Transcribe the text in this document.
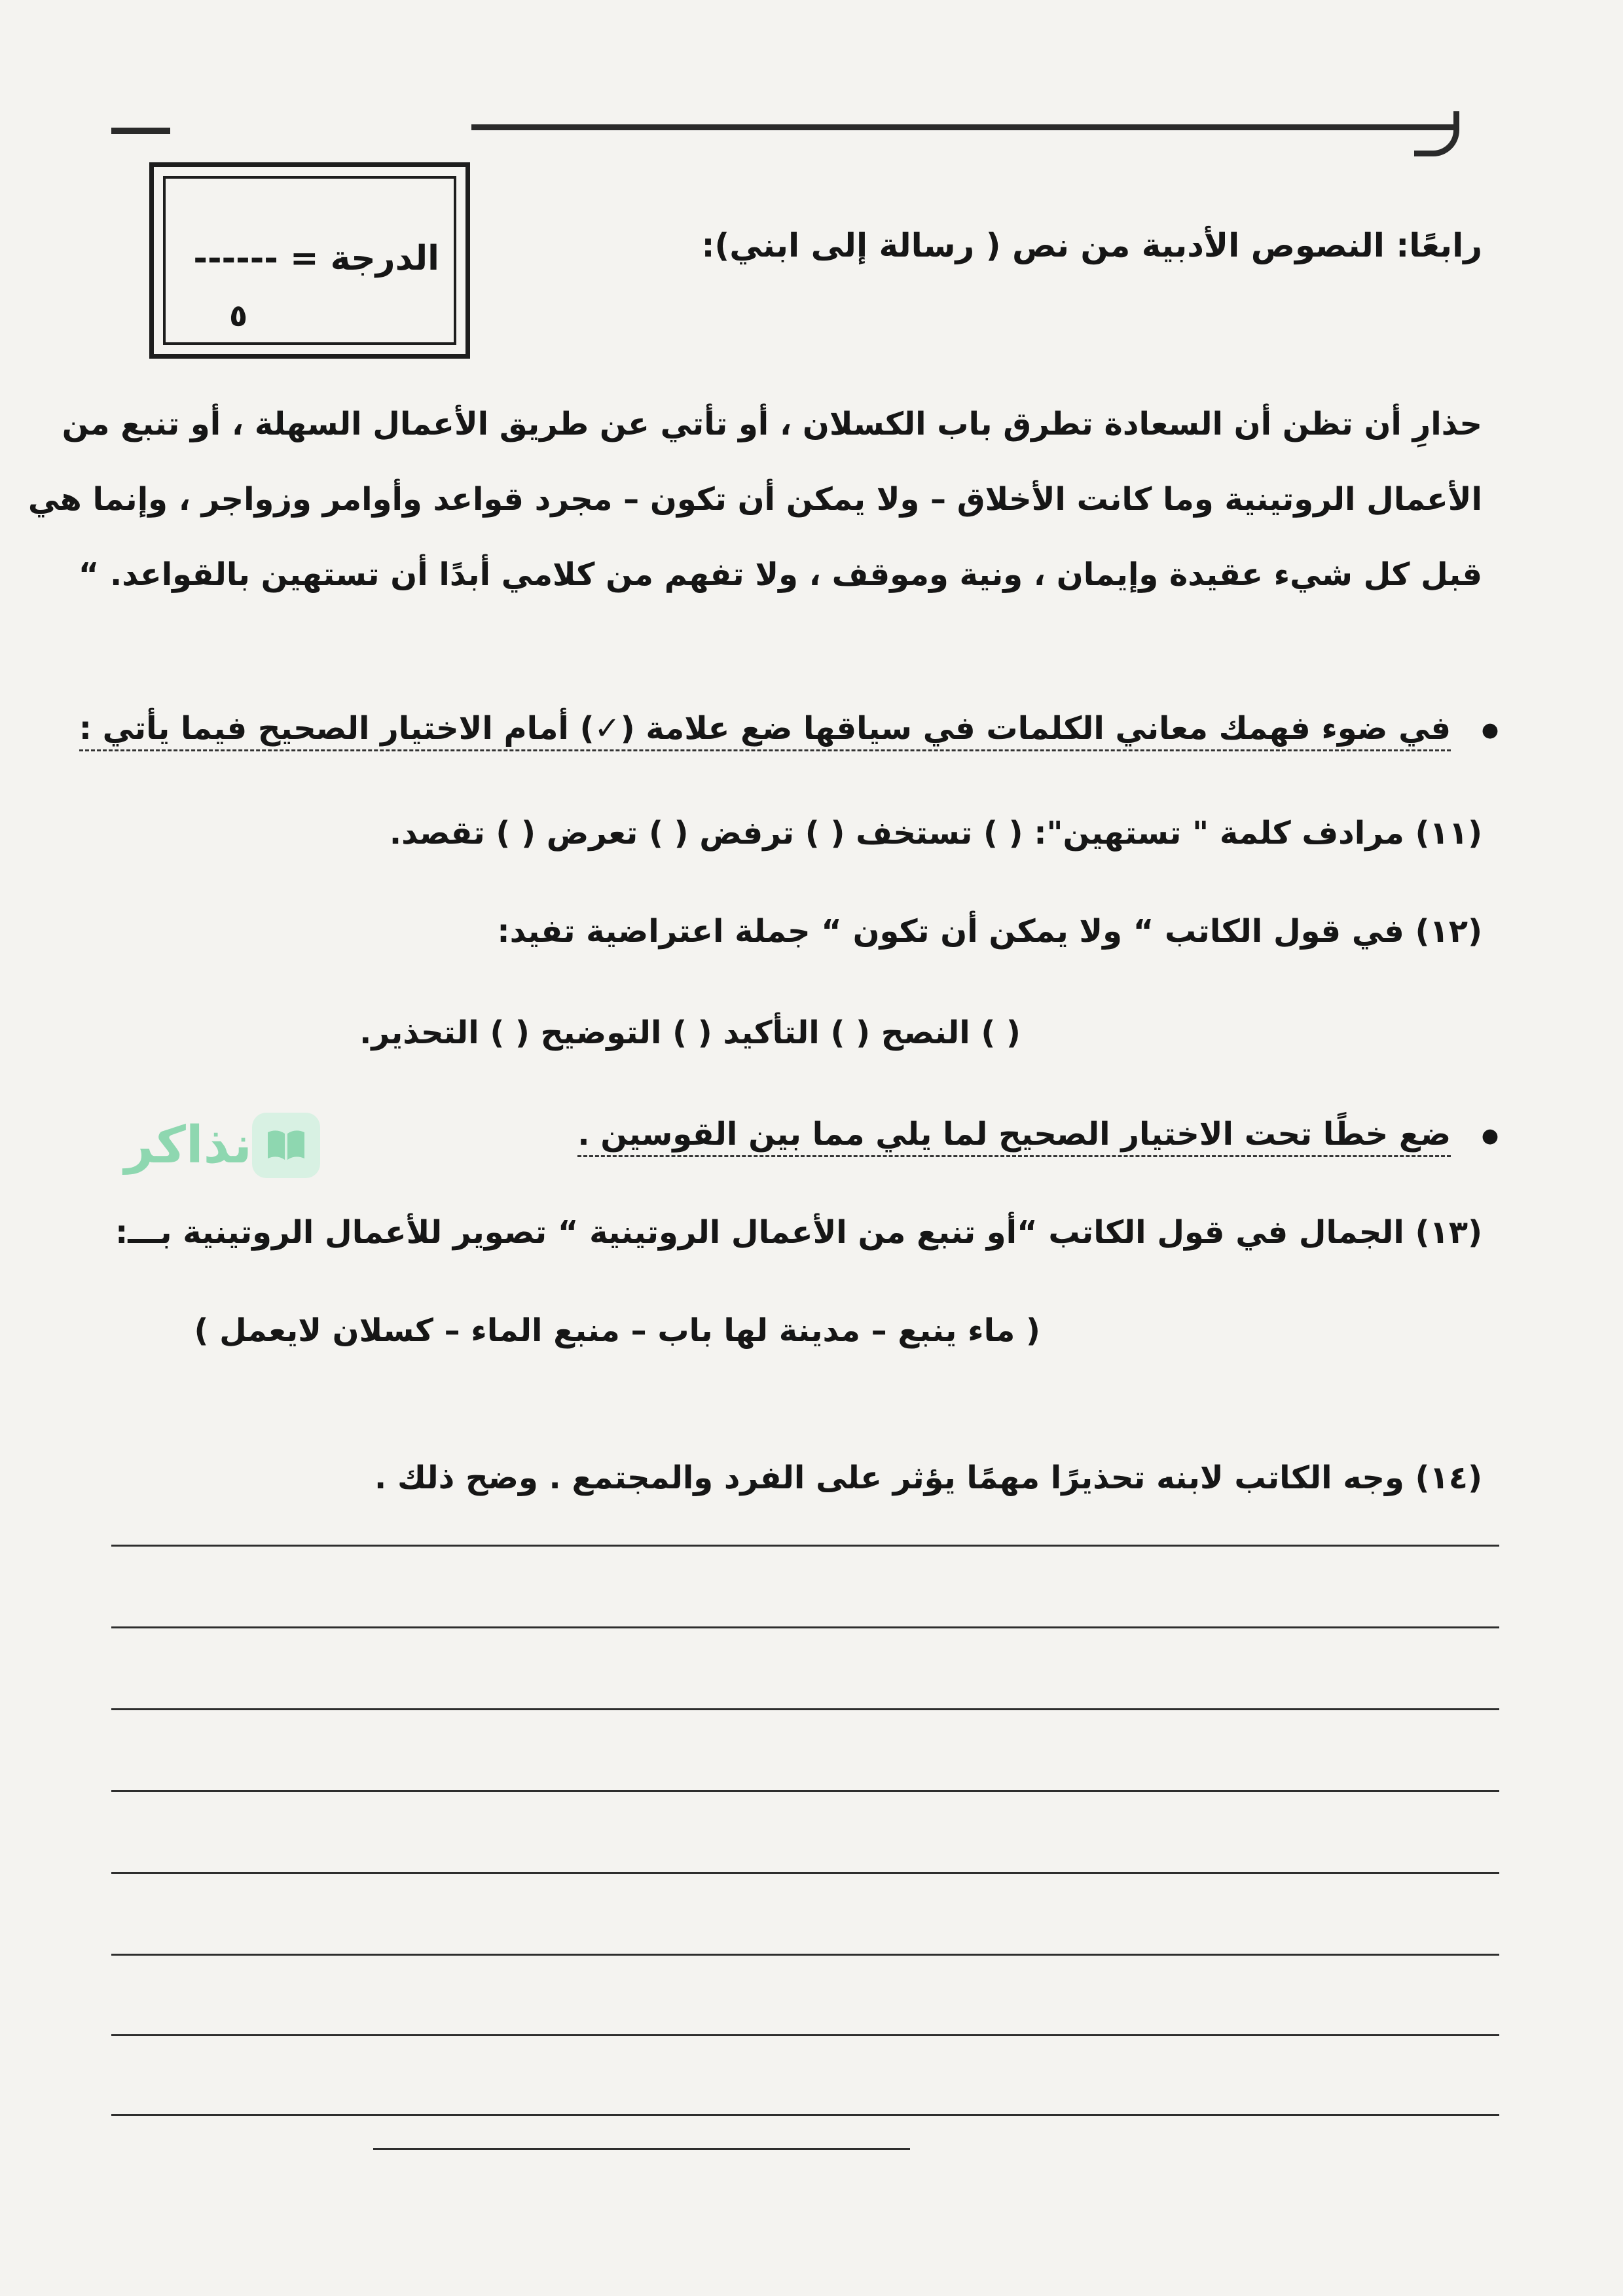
الدرجة = ------
٥
رابعًا: النصوص الأدبية من نص ( رسالة إلى ابني):
حذارِ أن تظن أن السعادة تطرق باب الكسلان ، أو تأتي عن طريق الأعمال السهلة ، أو تنبع من
الأعمال الروتينية وما كانت الأخلاق – ولا يمكن أن تكون – مجرد قواعد وأوامر وزواجر ، وإنما هي
قبل كل شيء عقيدة وإيمان ، ونية وموقف ، ولا تفهم من كلامي أبدًا أن تستهين بالقواعد. “
● في ضوء فهمك معاني الكلمات في سياقها ضع علامة (✓) أمام الاختيار الصحيح فيما يأتي :
(١١) مرادف كلمة " تستهين": ( ) تستخف ( ) ترفض ( ) تعرض ( ) تقصد.
(١٢) في قول الكاتب “ ولا يمكن أن تكون “ جملة اعتراضية تفيد:
( ) النصح ( ) التأكيد ( ) التوضيح ( ) التحذير.
● ضع خطًا تحت الاختيار الصحيح لما يلي مما بين القوسين .
نذاكر
(١٣) الجمال في قول الكاتب “أو تنبع من الأعمال الروتينية “ تصوير للأعمال الروتينية بـــ:
( ماء ينبع – مدينة لها باب – منبع الماء – كسلان لايعمل )
(١٤) وجه الكاتب لابنه تحذيرًا مهمًا يؤثر على الفرد والمجتمع . وضح ذلك .
